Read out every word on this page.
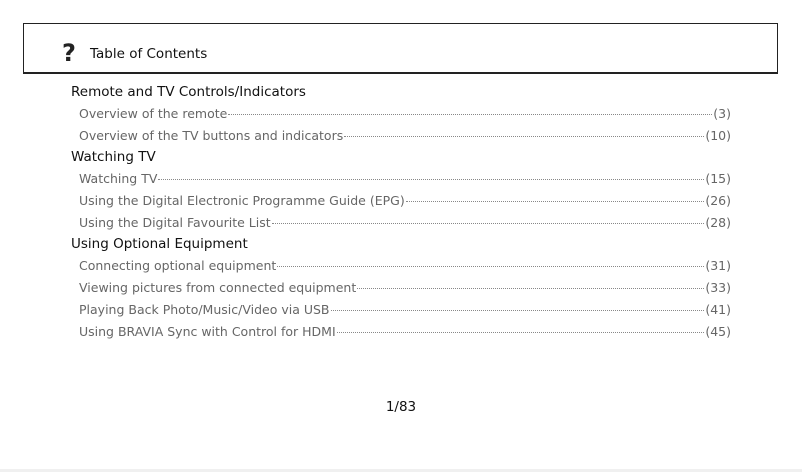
? Table of Contents
Remote and TV Controls/Indicators
Overview of the remote	(3)
Overview of the TV buttons and indicators	(10)
Watching TV
Watching TV	(15)
Using the Digital Electronic Programme Guide (EPG)	(26)
Using the Digital Favourite List	(28)
Using Optional Equipment
Connecting optional equipment	(31)
Viewing pictures from connected equipment	(33)
Playing Back Photo/Music/Video via USB	(41)
Using BRAVIA Sync with Control for HDMI	(45)
1/83
